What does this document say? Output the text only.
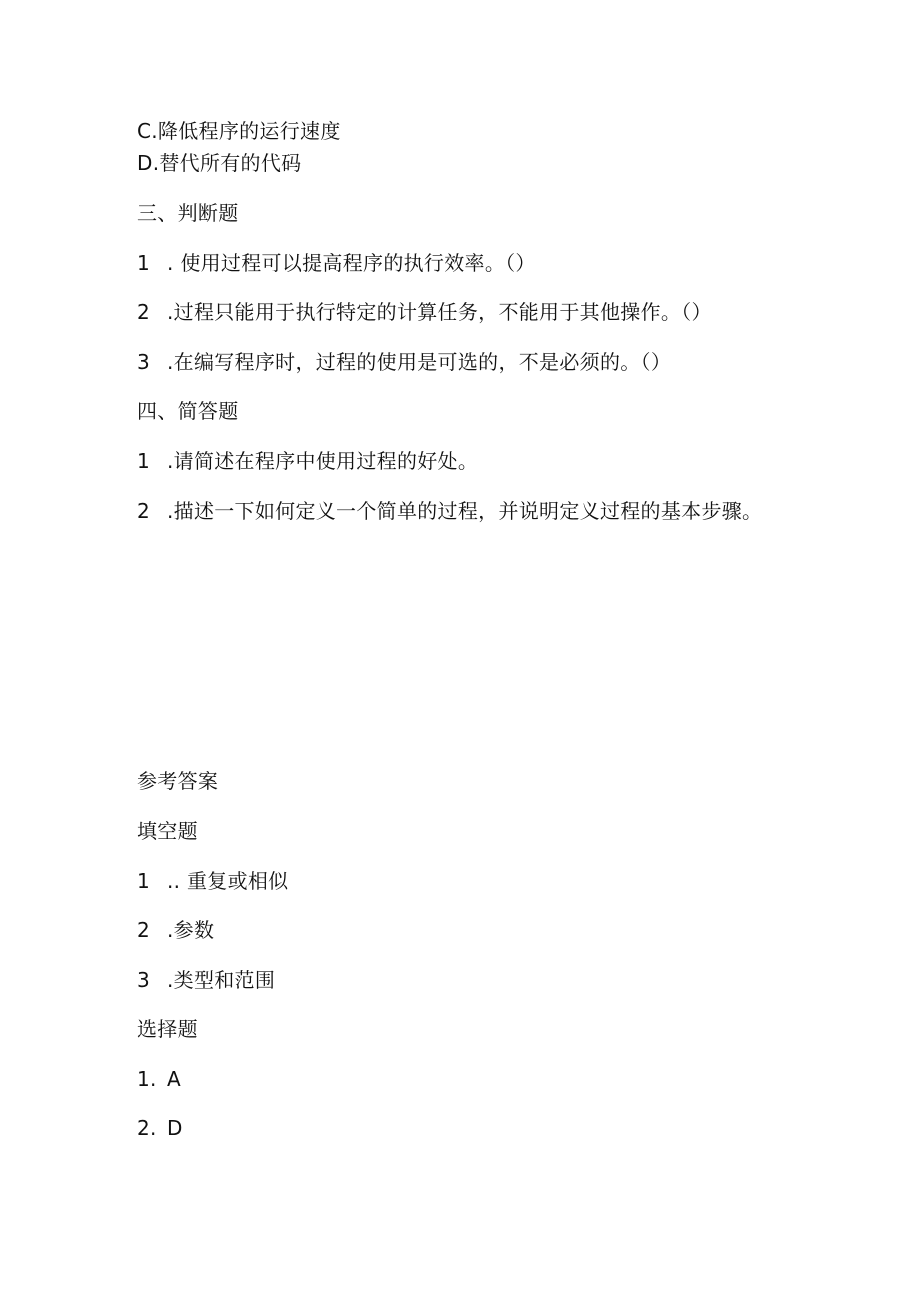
C.降低程序的运行速度

D.替代所有的代码

三、判断题

1 . 使用过程可以提高程序的执行效率。（）

2 .过程只能用于执行特定的计算任务，不能用于其他操作。（）

3 .在编写程序时，过程的使用是可选的，不是必须的。（）

四、简答题

1 .请简述在程序中使用过程的好处。

2 .描述一下如何定义一个简单的过程，并说明定义过程的基本步骤。

参考答案

填空题

1 .. 重复或相似

2 .参数

3 .类型和范围

选择题

1. A

2. D
